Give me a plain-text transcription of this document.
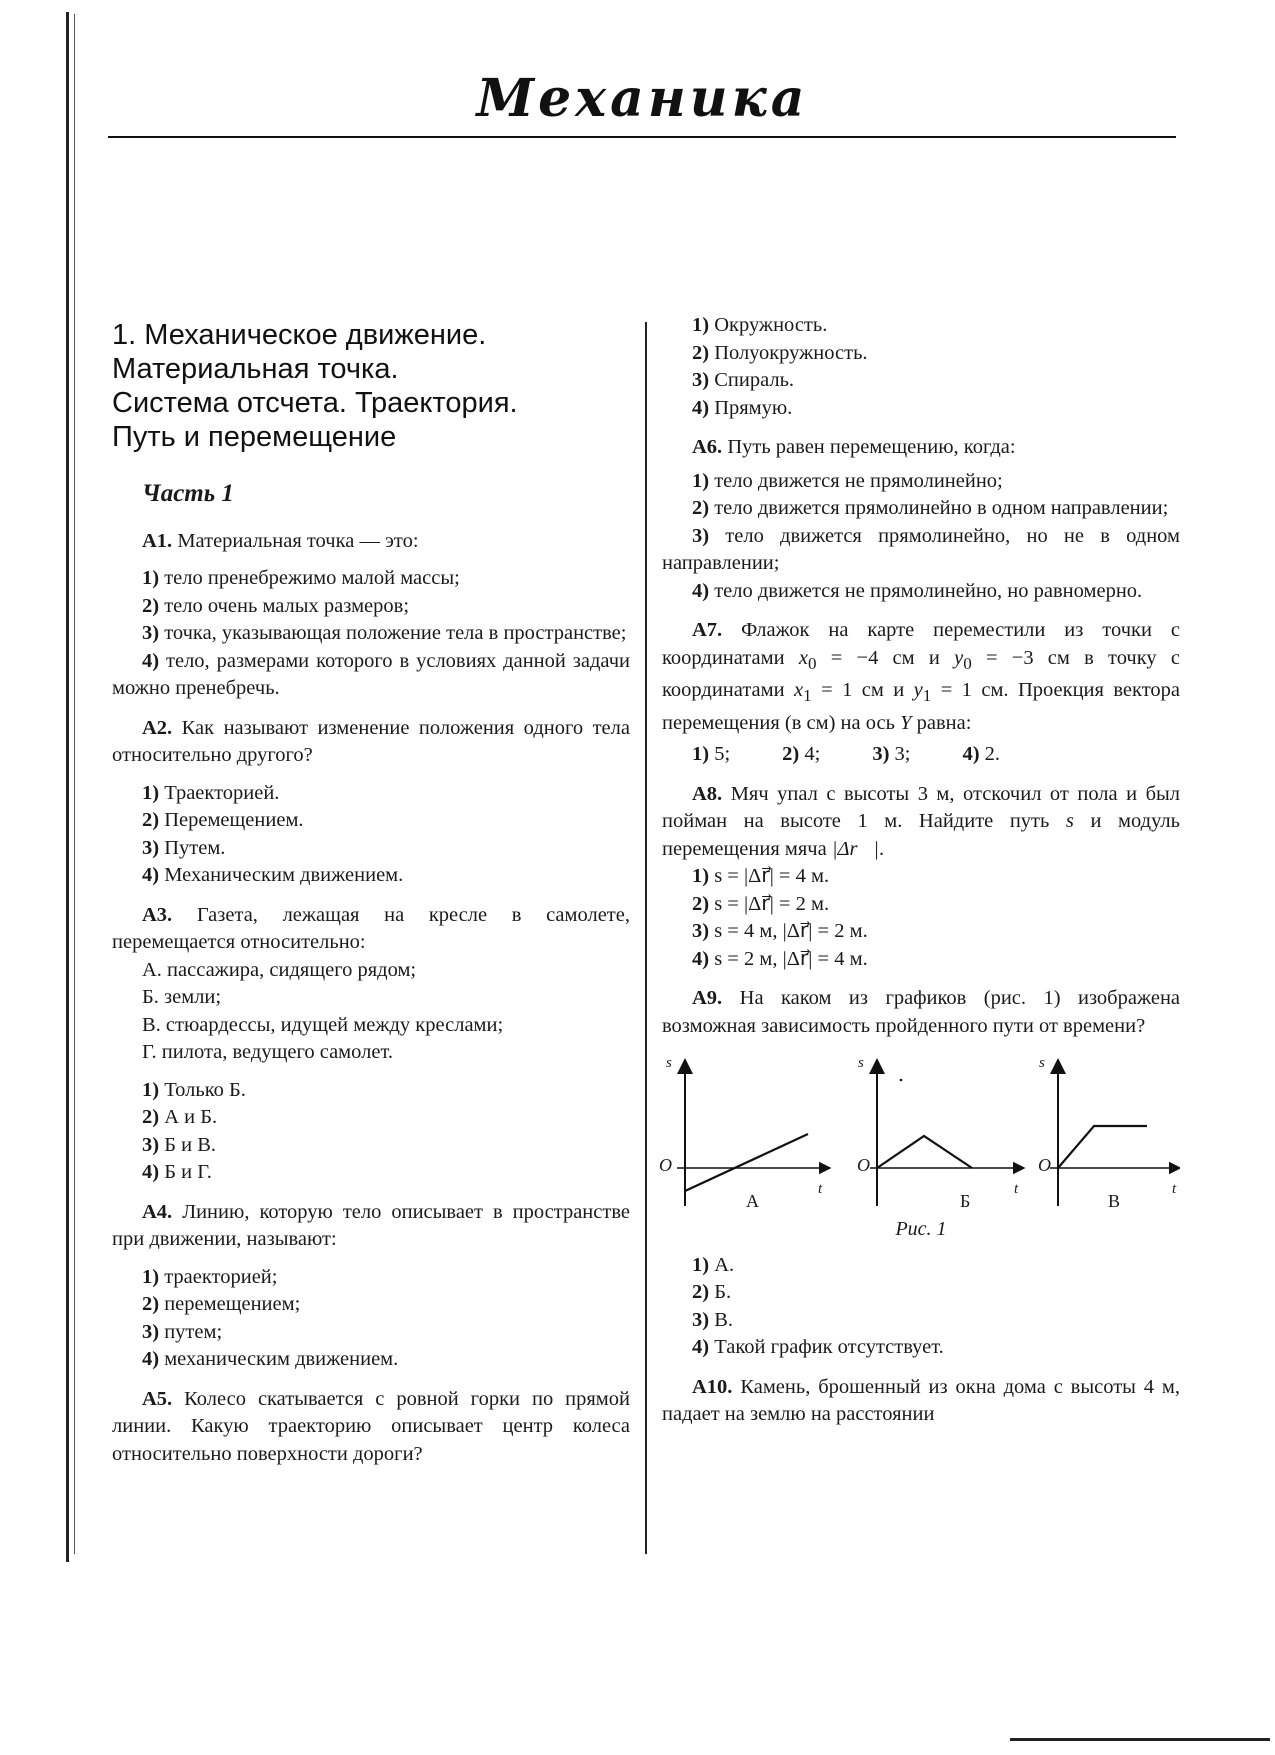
Механика
1. Механическое движение.
Материальная точка.
Система отсчета. Траектория.
Путь и перемещение
Часть 1

А1. Материальная точка — это:

1) тело пренебрежимо малой массы;
2) тело очень малых размеров;
3) точка, указывающая положение тела в пространстве;
4) тело, размерами которого в условиях данной задачи можно пренебречь.

А2. Как называют изменение положения одного тела относительно другого?

1) Траекторией.
2) Перемещением.
3) Путем.
4) Механическим движением.

А3. Газета, лежащая на кресле в самолете, перемещается относительно:

А. пассажира, сидящего рядом;
Б. земли;
В. стюардессы, идущей между креслами;
Г. пилота, ведущего самолет.
1) Только Б.
2) А и Б.
3) Б и В.
4) Б и Г.

А4. Линию, которую тело описывает в пространстве при движении, называют:

1) траекторией;
2) перемещением;
3) путем;
4) механическим движением.

А5. Колесо скатывается с ровной горки по прямой линии. Какую траекторию описывает центр колеса относительно поверхности дороги?

1) Окружность.
2) Полуокружность.
3) Спираль.
4) Прямую.

А6. Путь равен перемещению, когда:

1) тело движется не прямолинейно;
2) тело движется прямолинейно в одном направлении;
3) тело движется прямолинейно, но не в одном направлении;
4) тело движется не прямолинейно, но равномерно.

А7. Флажок на карте переместили из точки с координатами $x_0 = -4$ см и $y_0 = -3$ см в точку с координатами $x_1 = 1$ см и $y_1 = 1$ см. Проекция вектора перемещения (в см) на ось Y равна:

1) 5;	2) 4;	3) 3;	4) 2.

А8. Мяч упал с высоты 3 м, отскочил от пола и был пойман на высоте 1 м. Найдите путь s и модуль перемещения мяча |Δr⃗|.

1) s = |Δr⃗| = 4 м.
2) s = |Δr⃗| = 2 м.
3) s = 4 м, |Δr⃗| = 2 м.
4) s = 2 м, |Δr⃗| = 4 м.

А9. На каком из графиков (рис. 1) изображена возможная зависимость пройденного пути от времени?

s	s	s
O	O	O
t	t	t
А	Б	В
Рис. 1
1) А.
2) Б.
3) В.
4) Такой график отсутствует.

А10. Камень, брошенный из окна дома с высоты 4 м, падает на землю на расстоянии
